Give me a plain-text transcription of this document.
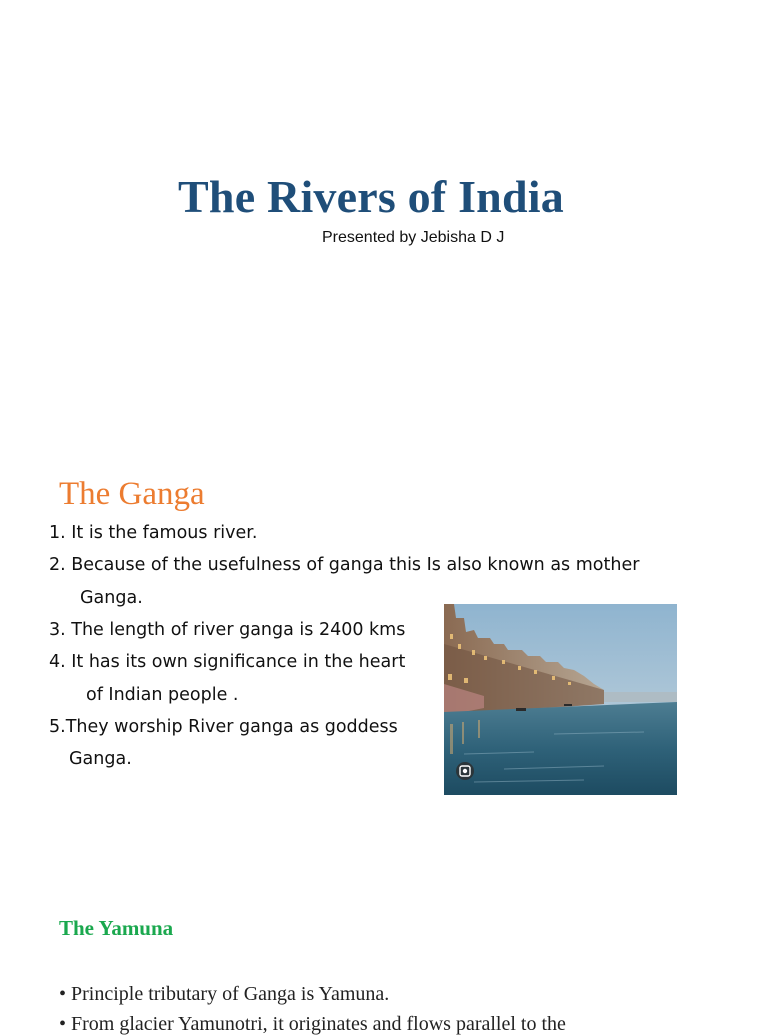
The Rivers of India
Presented by Jebisha D J
The Ganga
1. It is the famous river.
2. Because of the usefulness of ganga this Is also known as mother
Ganga.
3. The length of river ganga is 2400 kms
4. It has its own significance in the heart
of Indian people .
5.They worship River ganga as goddess
Ganga.
The Yamuna
• Principle tributary of Ganga is Yamuna.
• From glacier Yamunotri, it originates and flows parallel to the
